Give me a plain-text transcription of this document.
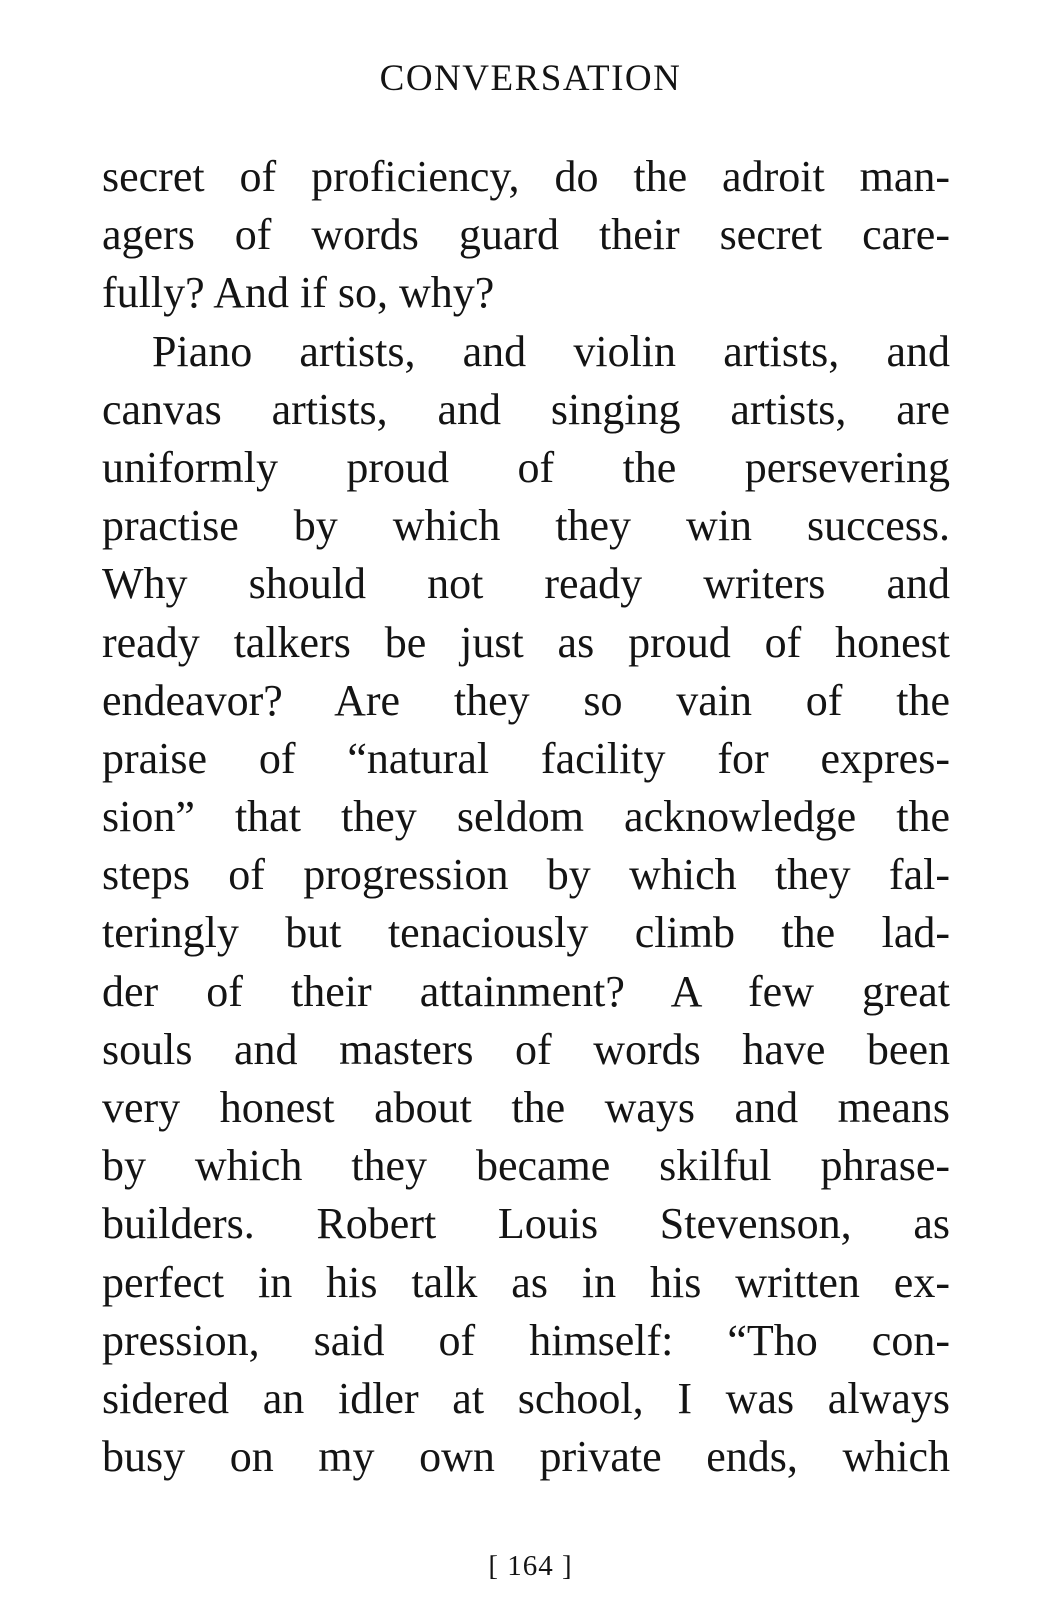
CONVERSATION
secret of proficiency, do the adroit man-
agers of words guard their secret care-
fully? And if so, why?
Piano artists, and violin artists, and
canvas artists, and singing artists, are
uniformly proud of the persevering
practise by which they win success.
Why should not ready writers and
ready talkers be just as proud of honest
endeavor? Are they so vain of the
praise of “natural facility for expres-
sion” that they seldom acknowledge the
steps of progression by which they fal-
teringly but tenaciously climb the lad-
der of their attainment? A few great
souls and masters of words have been
very honest about the ways and means
by which they became skilful phrase-
builders. Robert Louis Stevenson, as
perfect in his talk as in his written ex-
pression, said of himself: “Tho con-
sidered an idler at school, I was always
busy on my own private ends, which
[ 164 ]
